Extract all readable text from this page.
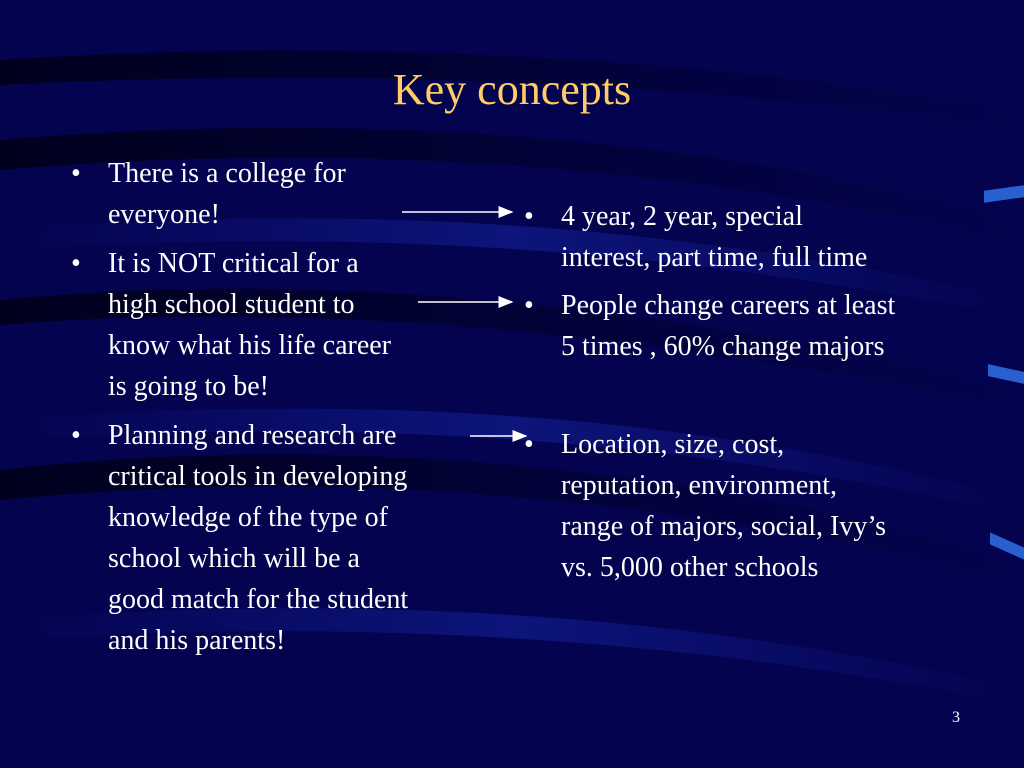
Key concepts
• There is a college for
everyone!
• It is NOT critical for a
high school student to
know what his life career
is going to be!
• Planning and research are
critical tools in developing
knowledge of the type of
school which will be a
good match for the student
and his parents!
• 4 year, 2 year, special
interest, part time, full time
• People change careers at least
5 times , 60% change majors
• Location, size, cost,
reputation, environment,
range of majors, social, Ivy’s
vs. 5,000 other schools
3
